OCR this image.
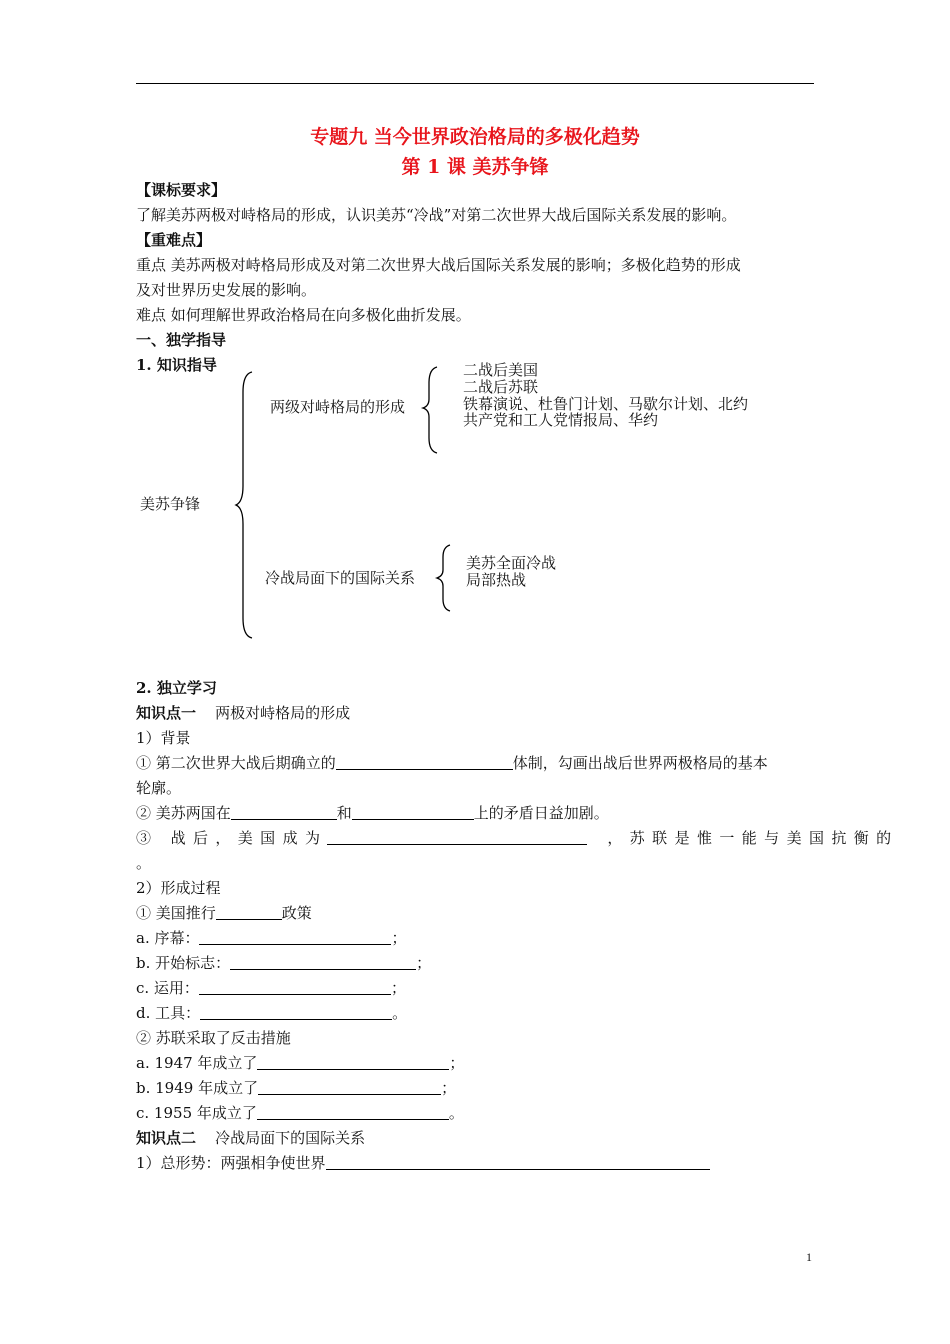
专题九 当今世界政治格局的多极化趋势
第 1 课 美苏争锋
【课标要求】
了解美苏两极对峙格局的形成，认识美苏“冷战”对第二次世界大战后国际关系发展的影响。
【重难点】
重点 美苏两极对峙格局形成及对第二次世界大战后国际关系发展的影响；多极化趋势的形成
及对世界历史发展的影响。
难点 如何理解世界政治格局在向多极化曲折发展。
一、独学指导
1. 知识指导
美苏争锋
两级对峙格局的形成
二战后美国
二战后苏联
铁幕演说、杜鲁门计划、马歇尔计划、北约
共产党和工人党情报局、华约
冷战局面下的国际关系
美苏全面冷战
局部热战
2. 独立学习
知识点一 两极对峙格局的形成
1）背景
① 第二次世界大战后期确立的	体制，勾画出战后世界两极格局的基本
轮廓。
② 美苏两国在	和	上的矛盾日益加剧。
③ 战后，美国成为	，苏联是惟一能与美国抗衡的
。
2）形成过程
① 美国推行	政策
a. 序幕：	；
b. 开始标志：	；
c. 运用：	；
d. 工具：	。
② 苏联采取了反击措施
a. 1947 年成立了	；
b. 1949 年成立了	；
c. 1955 年成立了	。
知识点二 冷战局面下的国际关系
1）总形势：两强相争使世界
1
